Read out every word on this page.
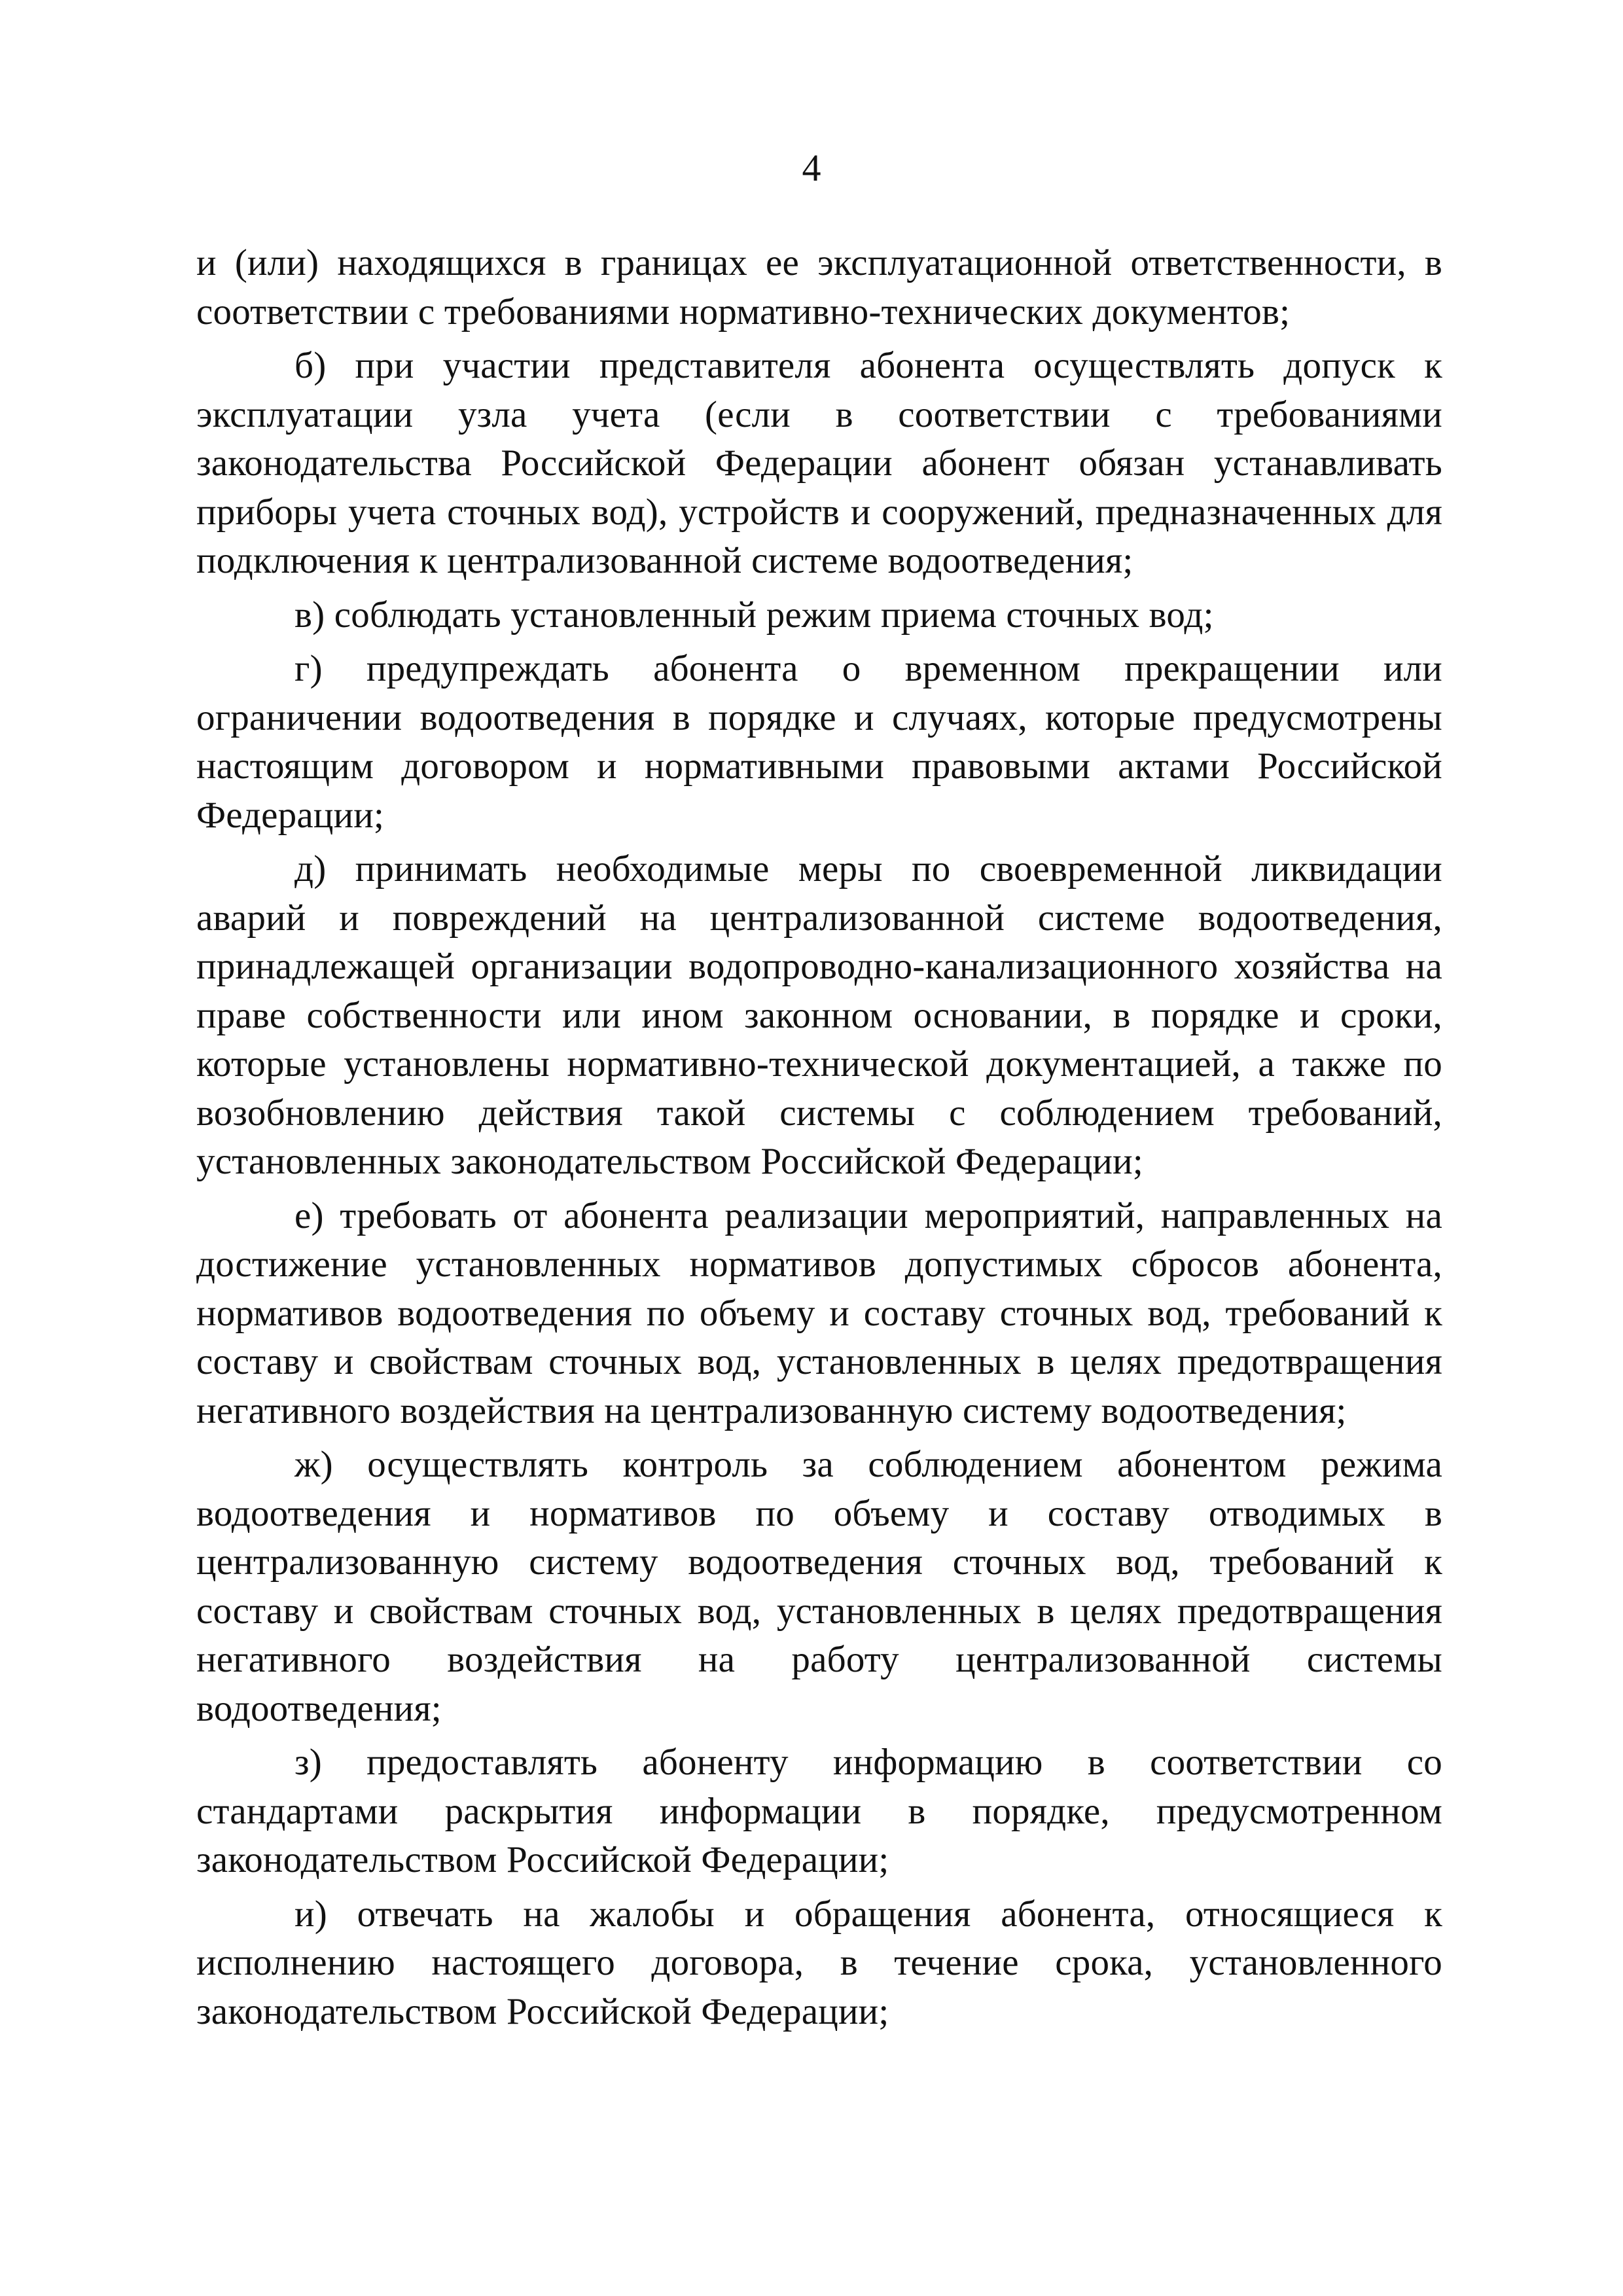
4

и (или) находящихся в границах ее эксплуатационной ответственности, в соответствии с требованиями нормативно-технических документов;

б) при участии представителя абонента осуществлять допуск к эксплуатации узла учета (если в соответствии с требованиями законодательства Российской Федерации абонент обязан устанавливать приборы учета сточных вод), устройств и сооружений, предназначенных для подключения к централизованной системе водоотведения;

в) соблюдать установленный режим приема сточных вод;

г) предупреждать абонента о временном прекращении или ограничении водоотведения в порядке и случаях, которые предусмотрены настоящим договором и нормативными правовыми актами Российской Федерации;

д) принимать необходимые меры по своевременной ликвидации аварий и повреждений на централизованной системе водоотведения, принадлежащей организации водопроводно-канализационного хозяйства на праве собственности или ином законном основании, в порядке и сроки, которые установлены нормативно-технической документацией, а также по возобновлению действия такой системы с соблюдением требований, установленных законодательством Российской Федерации;

е) требовать от абонента реализации мероприятий, направленных на достижение установленных нормативов допустимых сбросов абонента, нормативов водоотведения по объему и составу сточных вод, требований к составу и свойствам сточных вод, установленных в целях предотвращения негативного воздействия на централизованную систему водоотведения;

ж) осуществлять контроль за соблюдением абонентом режима водоотведения и нормативов по объему и составу отводимых в централизованную систему водоотведения сточных вод, требований к составу и свойствам сточных вод, установленных в целях предотвращения негативного воздействия на работу централизованной системы водоотведения;

з) предоставлять абоненту информацию в соответствии со стандартами раскрытия информации в порядке, предусмотренном законодательством Российской Федерации;

и) отвечать на жалобы и обращения абонента, относящиеся к исполнению настоящего договора, в течение срока, установленного законодательством Российской Федерации;
